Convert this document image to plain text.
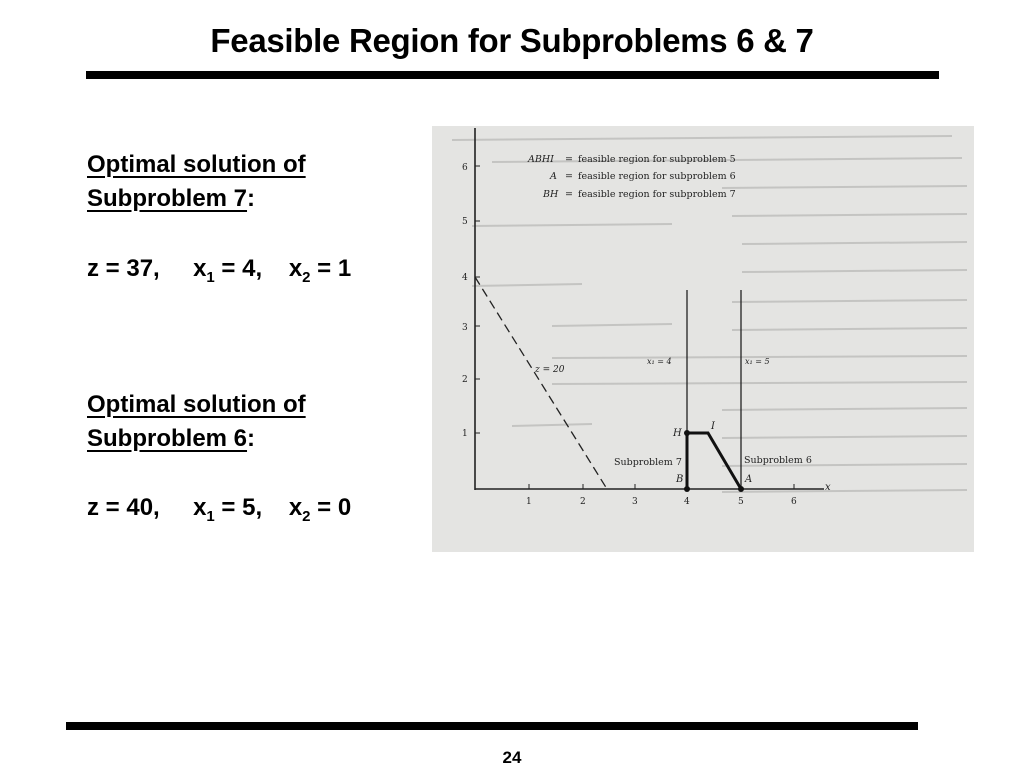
Feasible Region for Subproblems 6 & 7
Optimal solution of
Subproblem 7:
z = 37, $x_1 = 4$, $x_2 = 1$
Optimal solution of
Subproblem 6:
z = 40, $x_1 = 5$, $x_2 = 0$
x
1
2
3
4
5
6
1	2	3	4	5	6
ABHI = feasible region for subproblem 5
A = feasible region for subproblem 6
BH = feasible region for subproblem 7
z = 20
x₁ = 4	x₁ = 5
H
I
B	A
Subproblem 7	Subproblem 6
24
